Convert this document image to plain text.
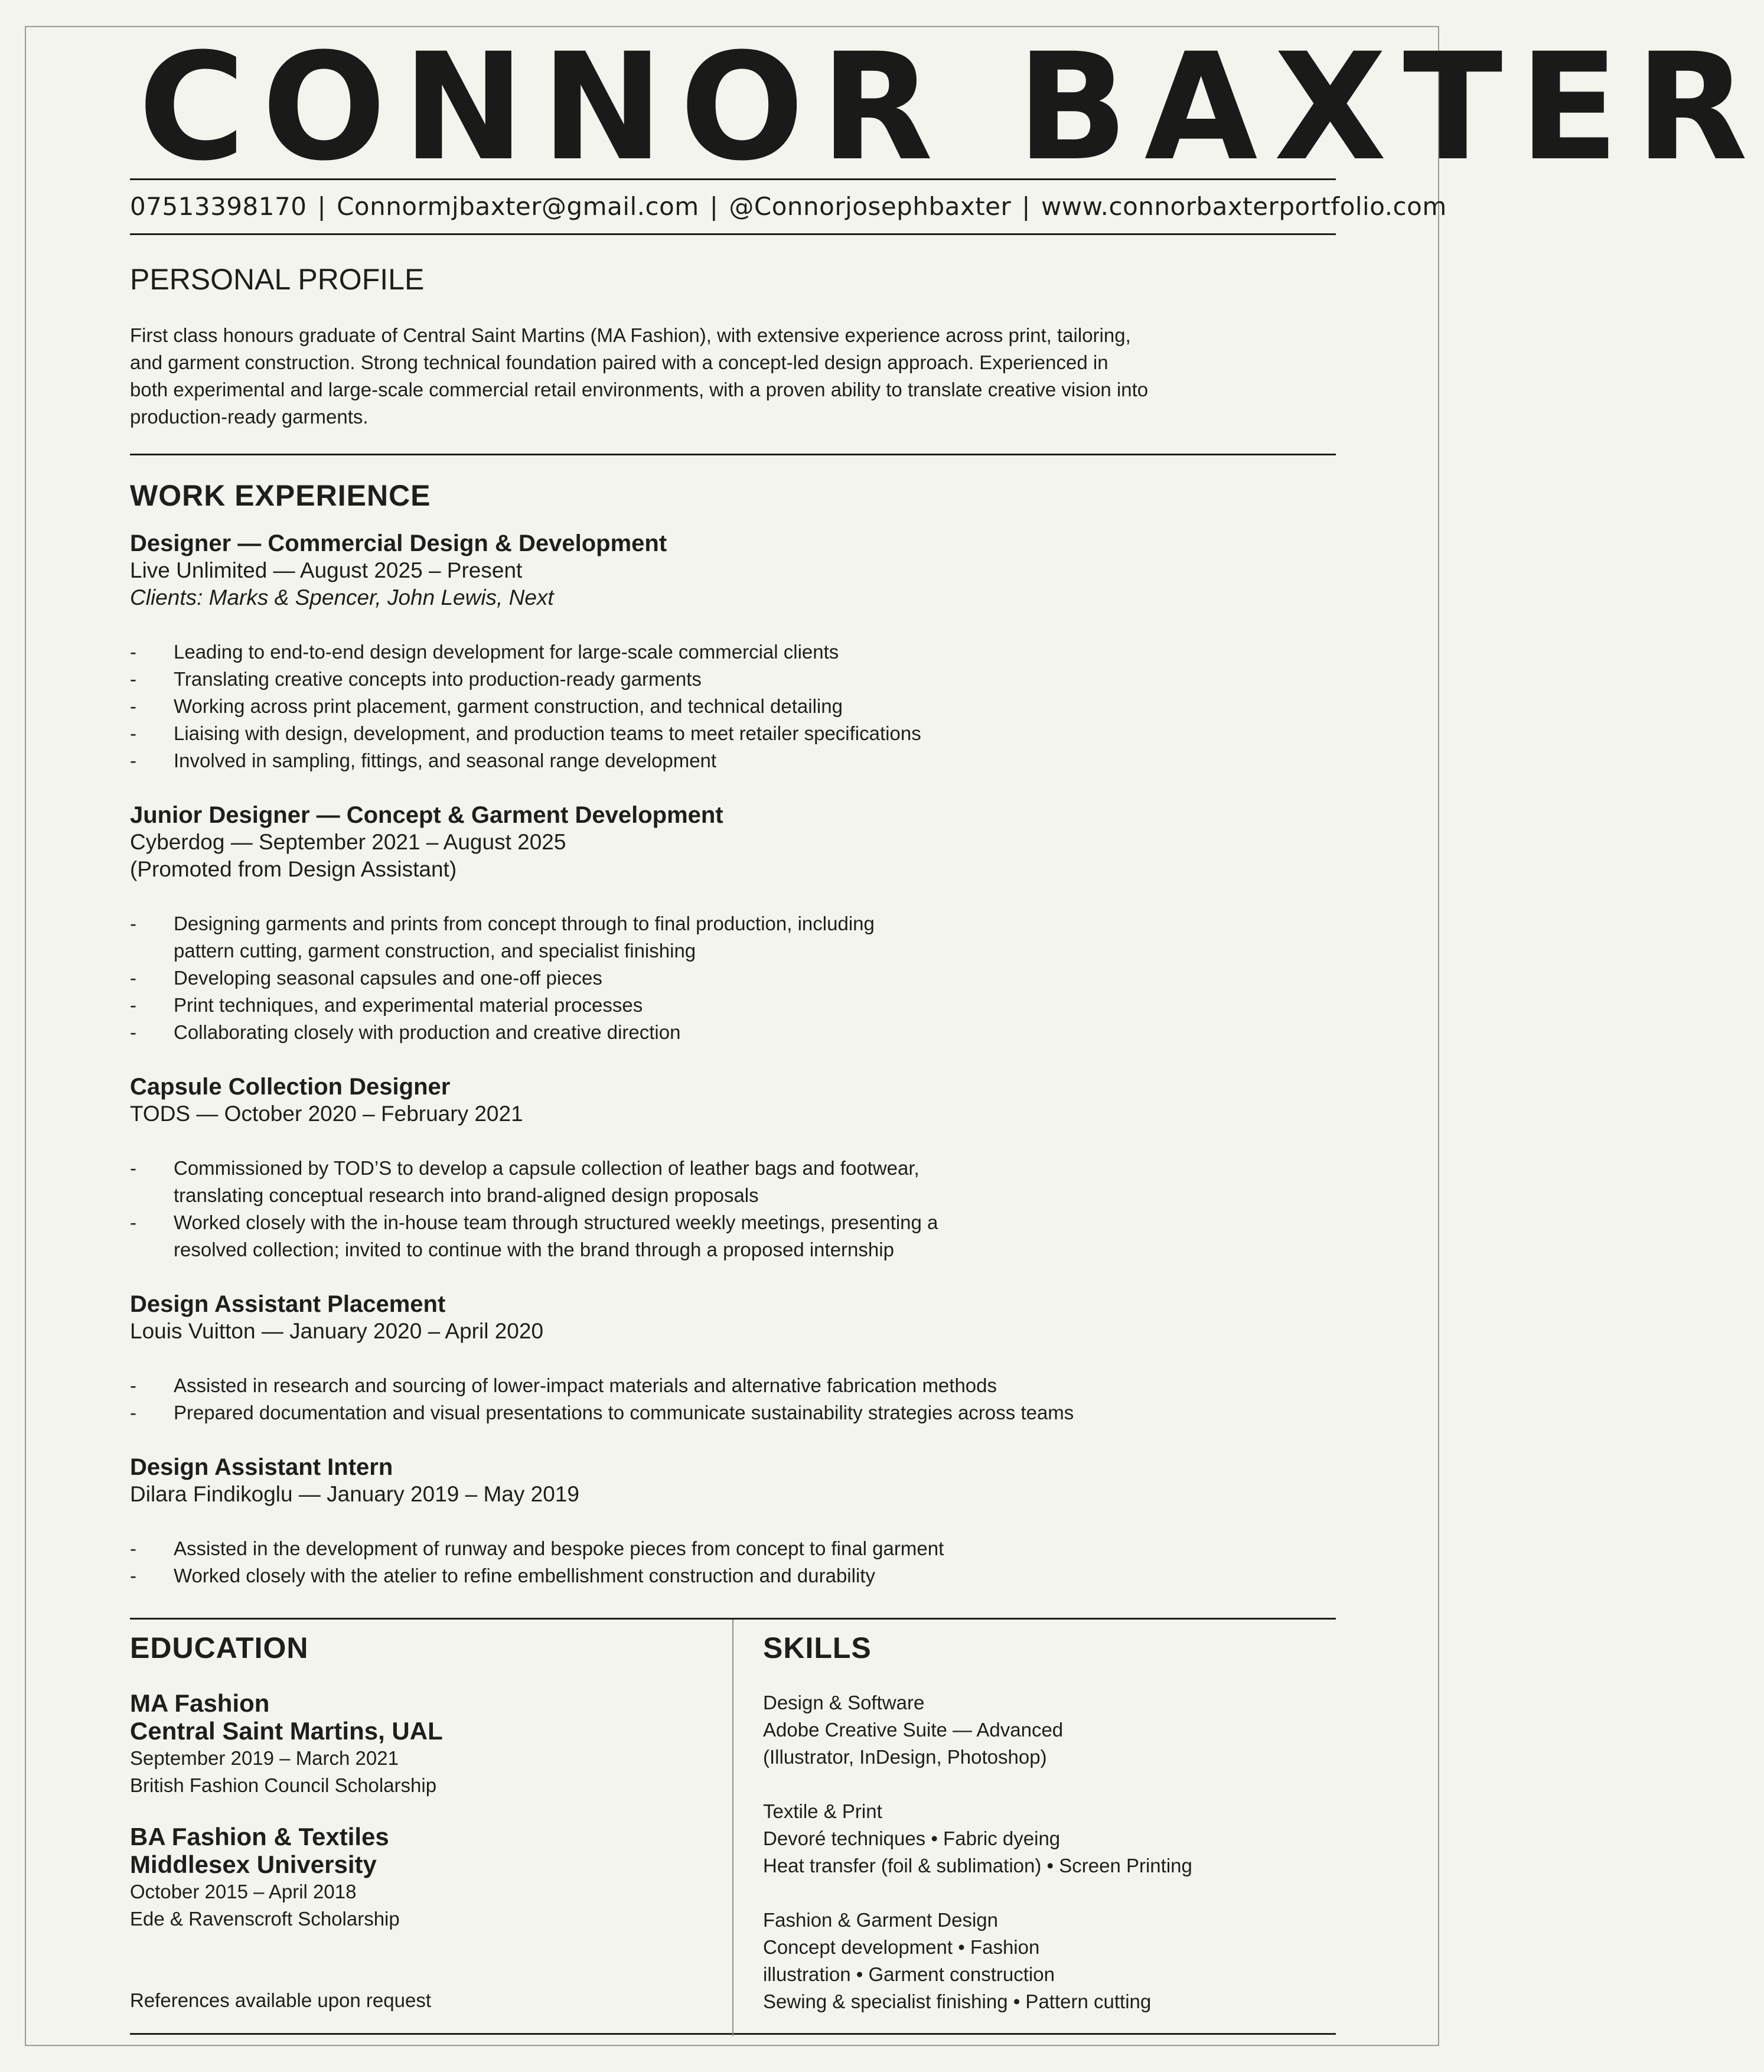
CONNOR BAXTER
07513398170 | Connormjbaxter@gmail.com | @Connorjosephbaxter | www.connorbaxterportfolio.com
PERSONAL PROFILE
First class honours graduate of Central Saint Martins (MA Fashion), with extensive experience across print, tailoring,
and garment construction. Strong technical foundation paired with a concept-led design approach. Experienced in
both experimental and large-scale commercial retail environments, with a proven ability to translate creative vision into
production-ready garments.
WORK EXPERIENCE
Designer — Commercial Design & Development
Live Unlimited — August 2025 – Present
Clients: Marks & Spencer, John Lewis, Next
- Leading to end-to-end design development for large-scale commercial clients
- Translating creative concepts into production-ready garments
- Working across print placement, garment construction, and technical detailing
- Liaising with design, development, and production teams to meet retailer specifications
- Involved in sampling, fittings, and seasonal range development
Junior Designer — Concept & Garment Development
Cyberdog — September 2021 – August 2025
(Promoted from Design Assistant)
- Designing garments and prints from concept through to final production, including
pattern cutting, garment construction, and specialist finishing
- Developing seasonal capsules and one-off pieces
- Print techniques, and experimental material processes
- Collaborating closely with production and creative direction
Capsule Collection Designer
TODS — October 2020 – February 2021
- Commissioned by TOD’S to develop a capsule collection of leather bags and footwear,
translating conceptual research into brand-aligned design proposals
- Worked closely with the in-house team through structured weekly meetings, presenting a
resolved collection; invited to continue with the brand through a proposed internship
Design Assistant Placement
Louis Vuitton — January 2020 – April 2020
- Assisted in research and sourcing of lower-impact materials and alternative fabrication methods
- Prepared documentation and visual presentations to communicate sustainability strategies across teams
Design Assistant Intern
Dilara Findikoglu — January 2019 – May 2019
- Assisted in the development of runway and bespoke pieces from concept to final garment
- Worked closely with the atelier to refine embellishment construction and durability
EDUCATION
MA Fashion
Central Saint Martins, UAL
September 2019 – March 2021
British Fashion Council Scholarship
BA Fashion & Textiles
Middlesex University
October 2015 – April 2018
Ede & Ravenscroft Scholarship
References available upon request
SKILLS
Design & Software
Adobe Creative Suite — Advanced
(Illustrator, InDesign, Photoshop)
Textile & Print
Devoré techniques • Fabric dyeing
Heat transfer (foil & sublimation) • Screen Printing
Fashion & Garment Design
Concept development • Fashion
illustration • Garment construction
Sewing & specialist finishing • Pattern cutting
